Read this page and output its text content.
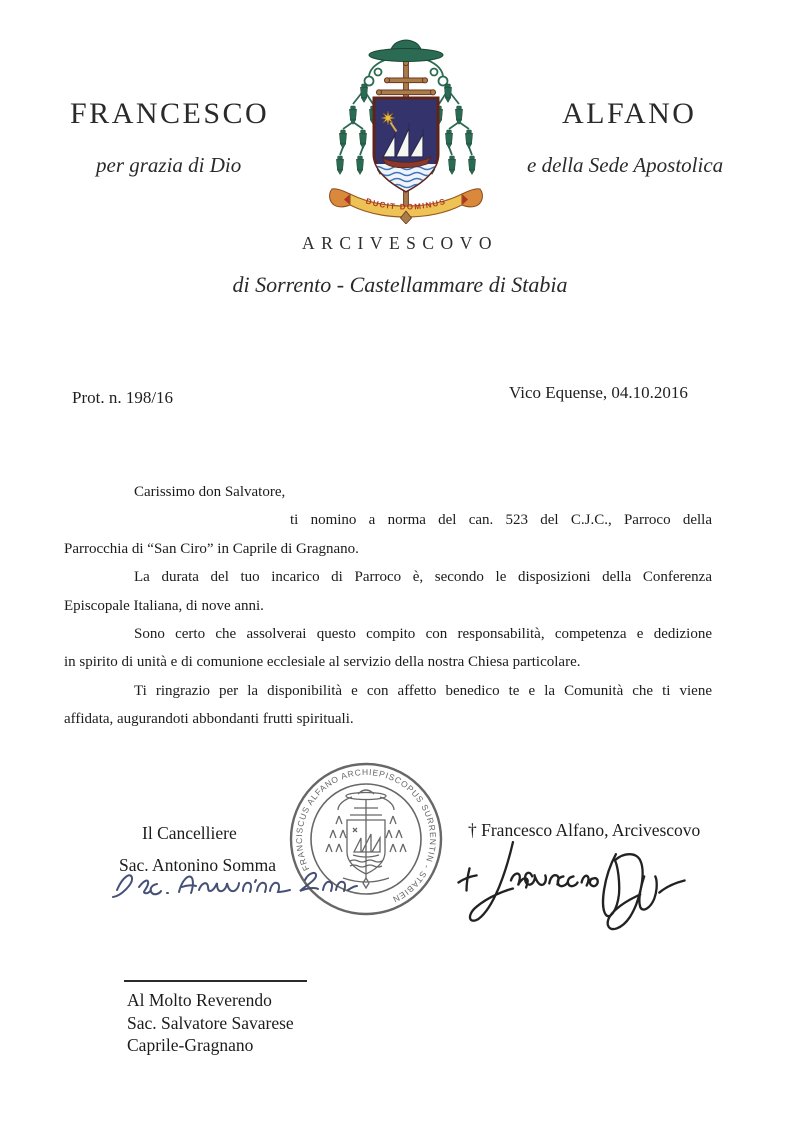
FRANCESCO	ALFANO
per grazia di Dio	e della Sede Apostolica
DUCIT DOMINUS
ARCIVESCOVO
di Sorrento - Castellammare di Stabia
Prot. n. 198/16	Vico Equense, 04.10.2016
Carissimo don Salvatore,
ti nomino a norma del can. 523 del C.J.C., Parroco della
Parrocchia di “San Ciro” in Caprile di Gragnano.
La durata del tuo incarico di Parroco è, secondo le disposizioni della Conferenza
Episcopale Italiana, di nove anni.
Sono certo che assolverai questo compito con responsabilità, competenza e dedizione
in spirito di unità e di comunione ecclesiale al servizio della nostra Chiesa particolare.
Ti ringrazio per la disponibilità e con affetto benedico te e la Comunità che ti viene
affidata, augurandoti abbondanti frutti spirituali.
Il Cancelliere
Sac. Antonino Somma	FRANCISCUS ALFANO ARCHIEPISCOPUS SURRENTIN - STABIEN
† Francesco Alfano, Arcivescovo
Al Molto Reverendo
Sac. Salvatore Savarese
Caprile-Gragnano
